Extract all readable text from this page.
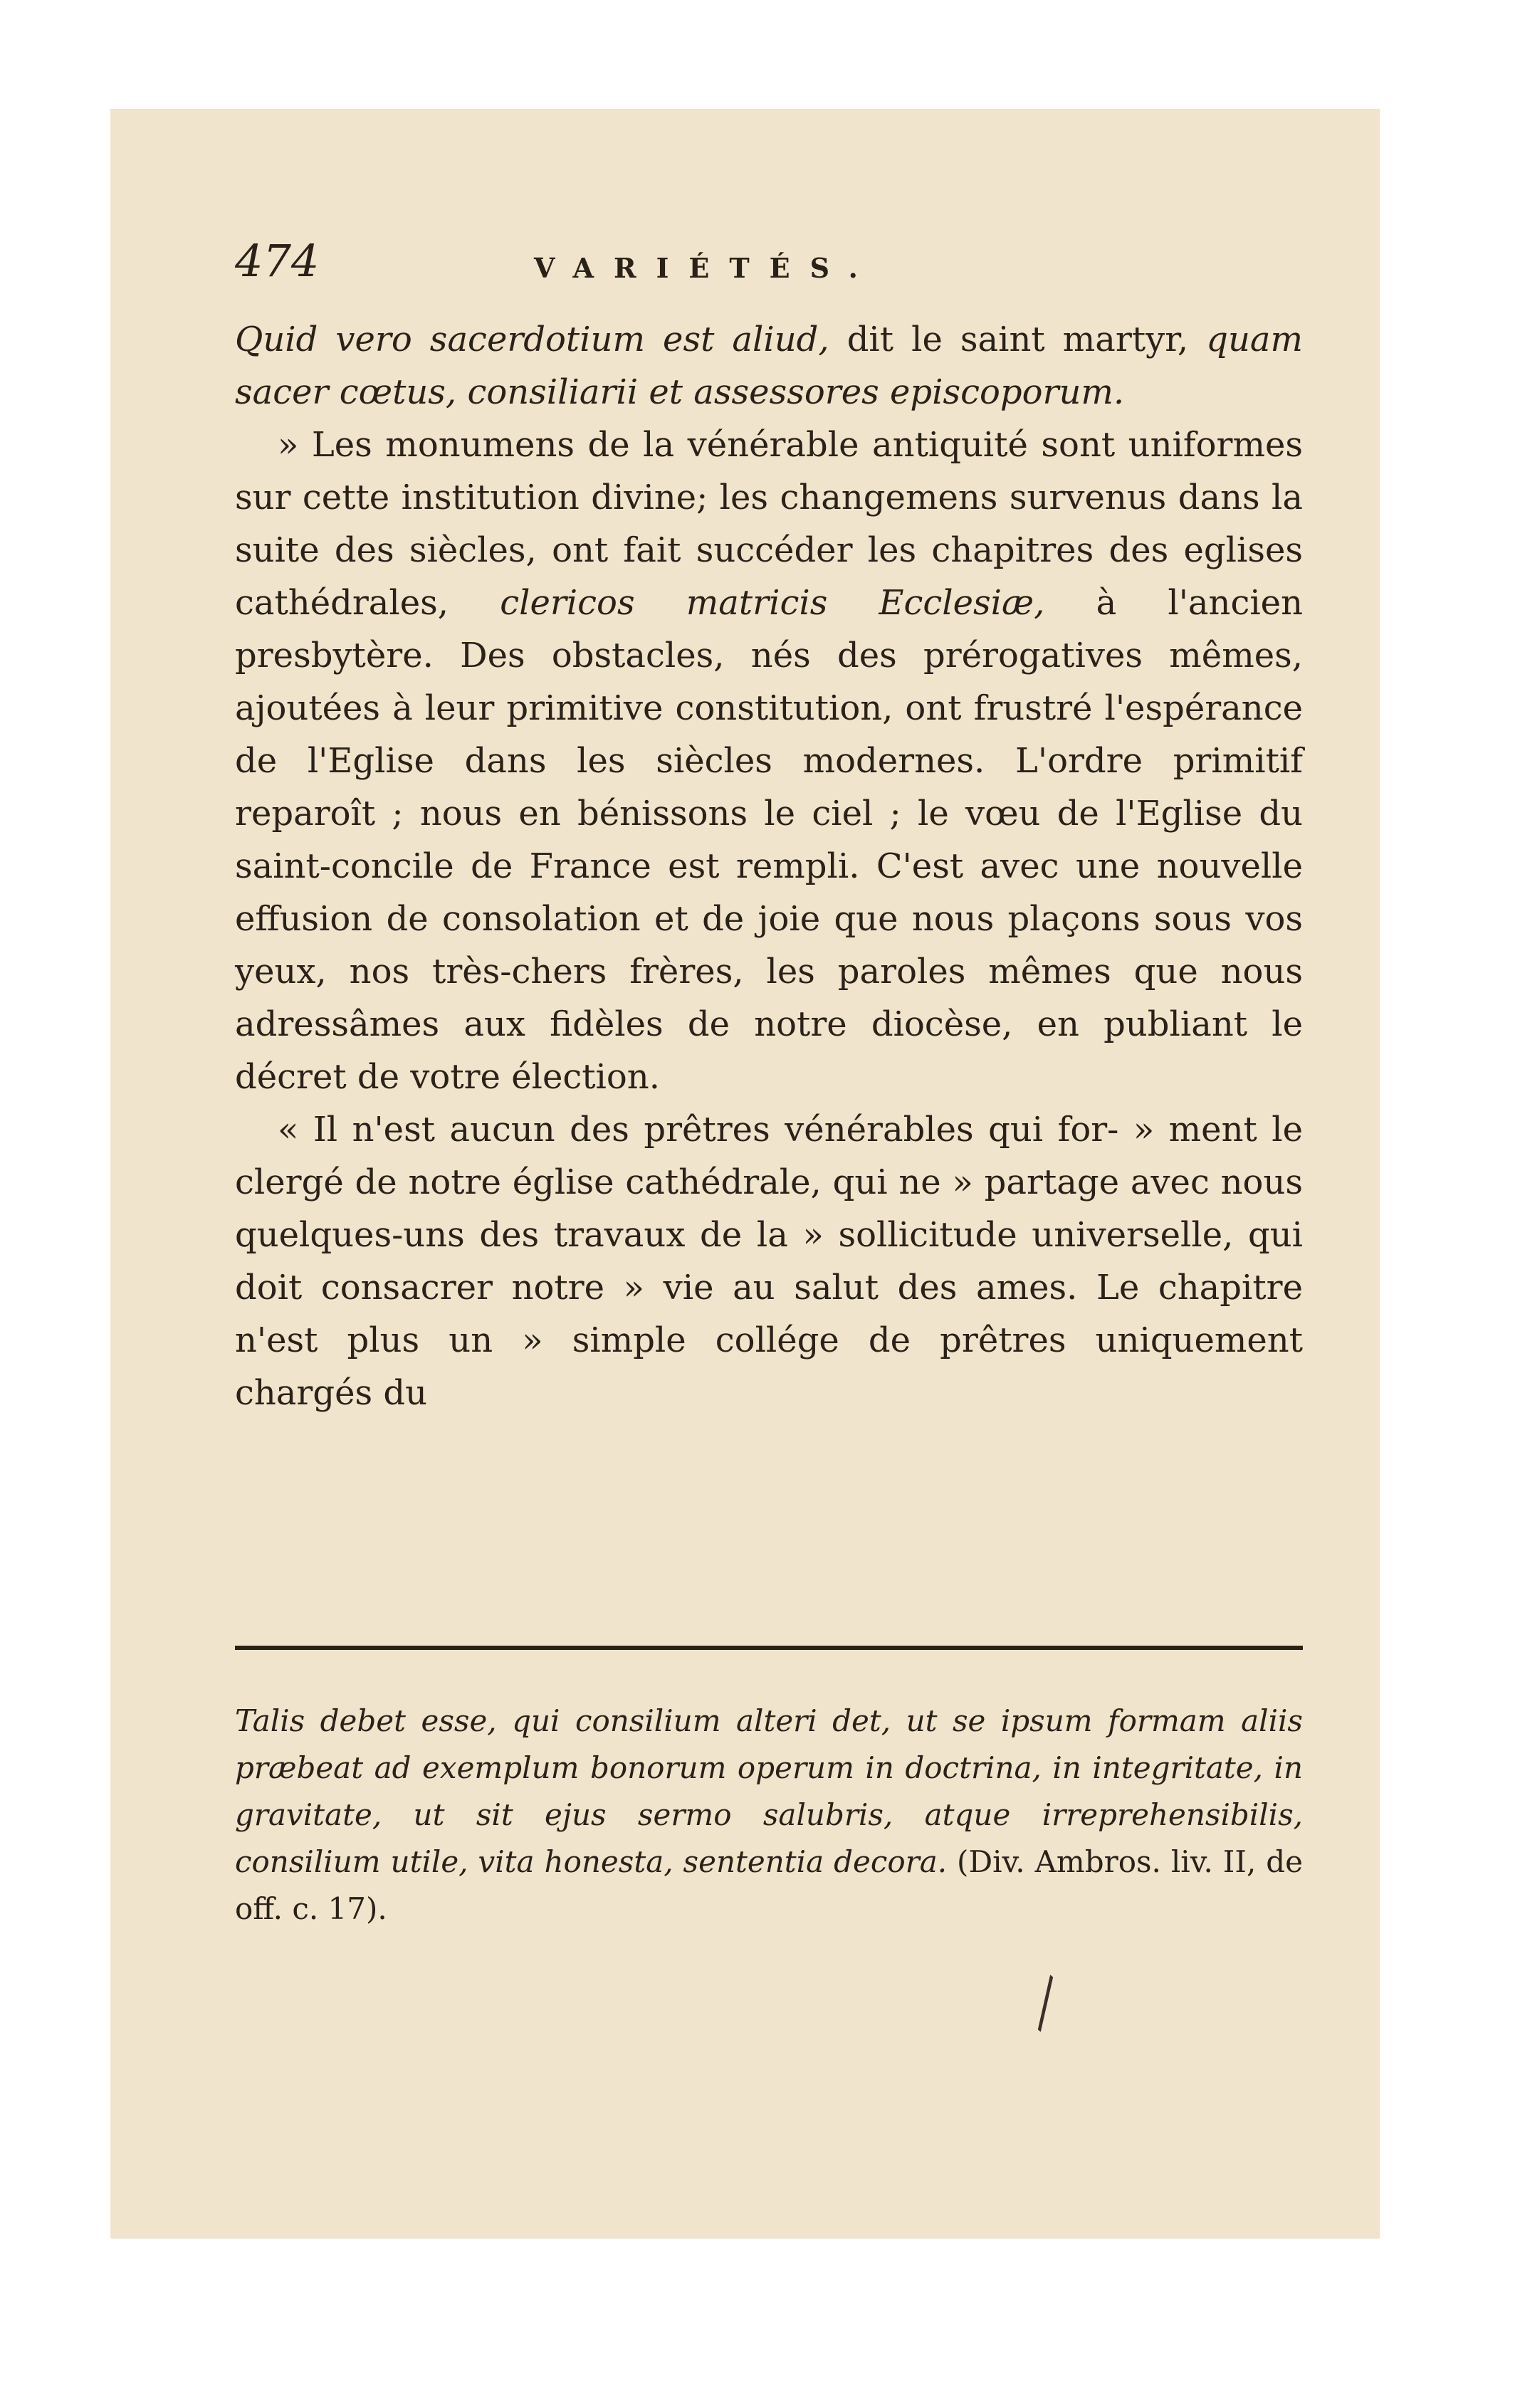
474	VARIÉTÉS.

Quid vero sacerdotium est aliud, dit le saint martyr, quam sacer cœtus, consiliarii et assessores episcoporum.

» Les monumens de la vénérable antiquité sont uniformes sur cette institution divine; les changemens survenus dans la suite des siècles, ont fait succéder les chapitres des eglises cathédrales, clericos matricis Ecclesiæ, à l'ancien presbytère. Des obstacles, nés des prérogatives mêmes, ajoutées à leur primitive constitution, ont frustré l'espérance de l'Eglise dans les siècles modernes. L'ordre primitif reparoît ; nous en bénissons le ciel ; le vœu de l'Eglise du saint-concile de France est rempli. C'est avec une nouvelle effusion de consolation et de joie que nous plaçons sous vos yeux, nos très-chers frères, les paroles mêmes que nous adressâmes aux fidèles de notre diocèse, en publiant le décret de votre élection.

« Il n'est aucun des prêtres vénérables qui for- » ment le clergé de notre église cathédrale, qui ne » partage avec nous quelques-uns des travaux de la » sollicitude universelle, qui doit consacrer notre » vie au salut des ames. Le chapitre n'est plus un » simple collége de prêtres uniquement chargés du

Talis debet esse, qui consilium alteri det, ut se ipsum formam aliis præbeat ad exemplum bonorum operum in doctrina, in integritate, in gravitate, ut sit ejus sermo salubris, atque irreprehensibilis, consilium utile, vita honesta, sententia decora. (Div. Ambros. liv. II, de off. c. 17).
╲
